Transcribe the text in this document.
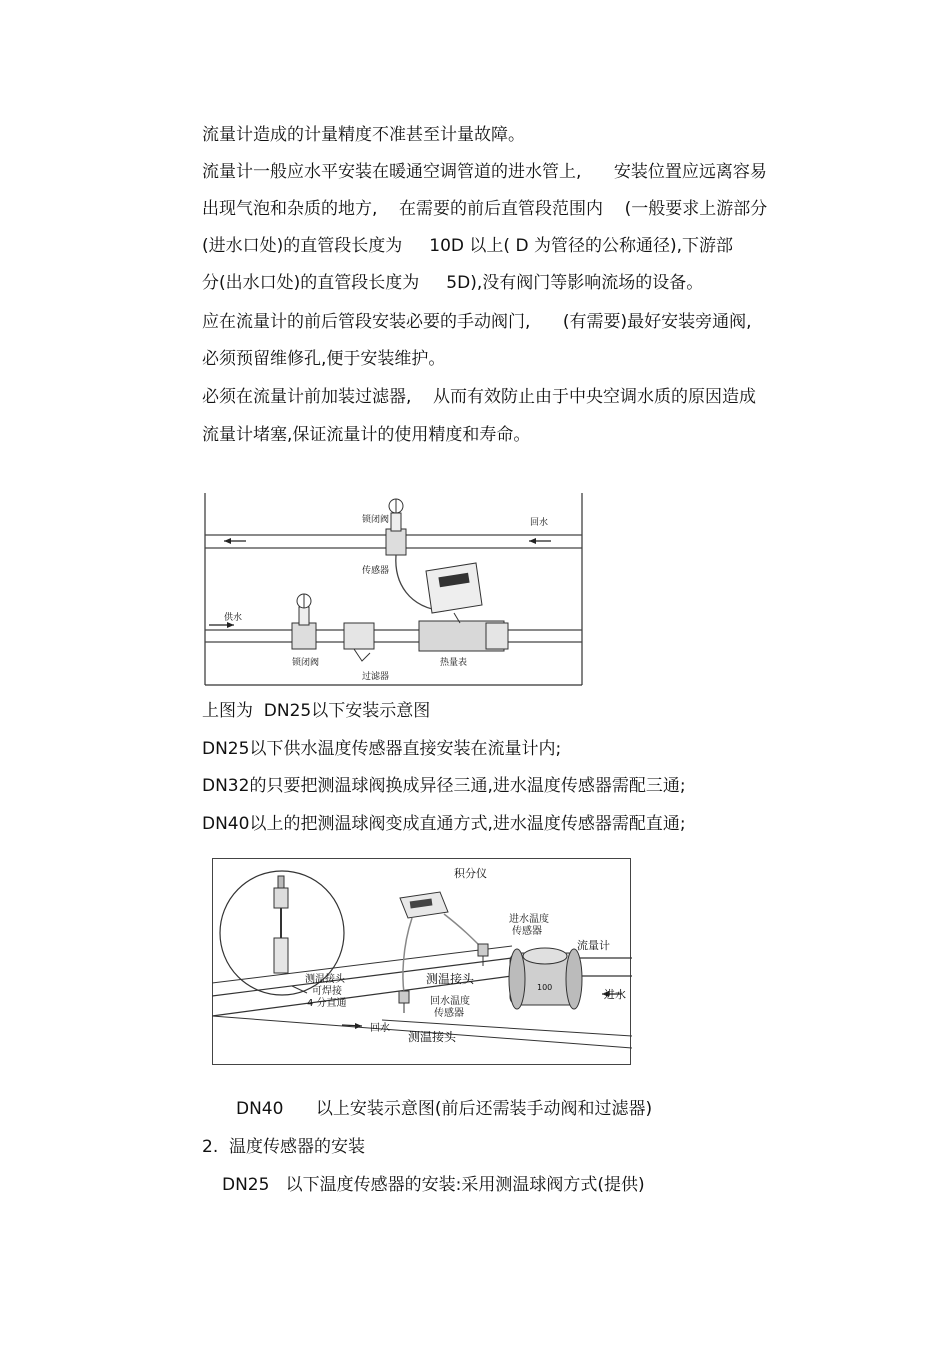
流量计造成的计量精度不准甚至计量故障。
流量计一般应水平安装在暖通空调管道的进水管上,      安装位置应远离容易
出现气泡和杂质的地方,    在需要的前后直管段范围内    (一般要求上游部分
(进水口处)的直管段长度为     10D 以上( D 为管径的公称通径),下游部
分(出水口处)的直管段长度为     5D),没有阀门等影响流场的设备。
应在流量计的前后管段安装必要的手动阀门,      (有需要)最好安装旁通阀,
必须预留维修孔,便于安装维护。
必须在流量计前加装过滤器,    从而有效防止由于中央空调水质的原因造成
流量计堵塞,保证流量计的使用精度和寿命。
锁闭阀	回水
传感器
供水
锁闭阀
过滤器
热量表
上图为  DN25以下安装示意图
DN25以下供水温度传感器直接安装在流量计内;
DN32的只要把测温球阀换成异径三通,进水温度传感器需配三通;
DN40以上的把测温球阀变成直通方式,进水温度传感器需配直通;
积分仪
进水温度
传感器
流量计
测温接头
100
进水
测温接头
可焊接
4 分直通	回水温度
传感器
回水
测温接头
DN40      以上安装示意图(前后还需装手动阀和过滤器)
2.  温度传感器的安装
DN25   以下温度传感器的安装:采用测温球阀方式(提供)
